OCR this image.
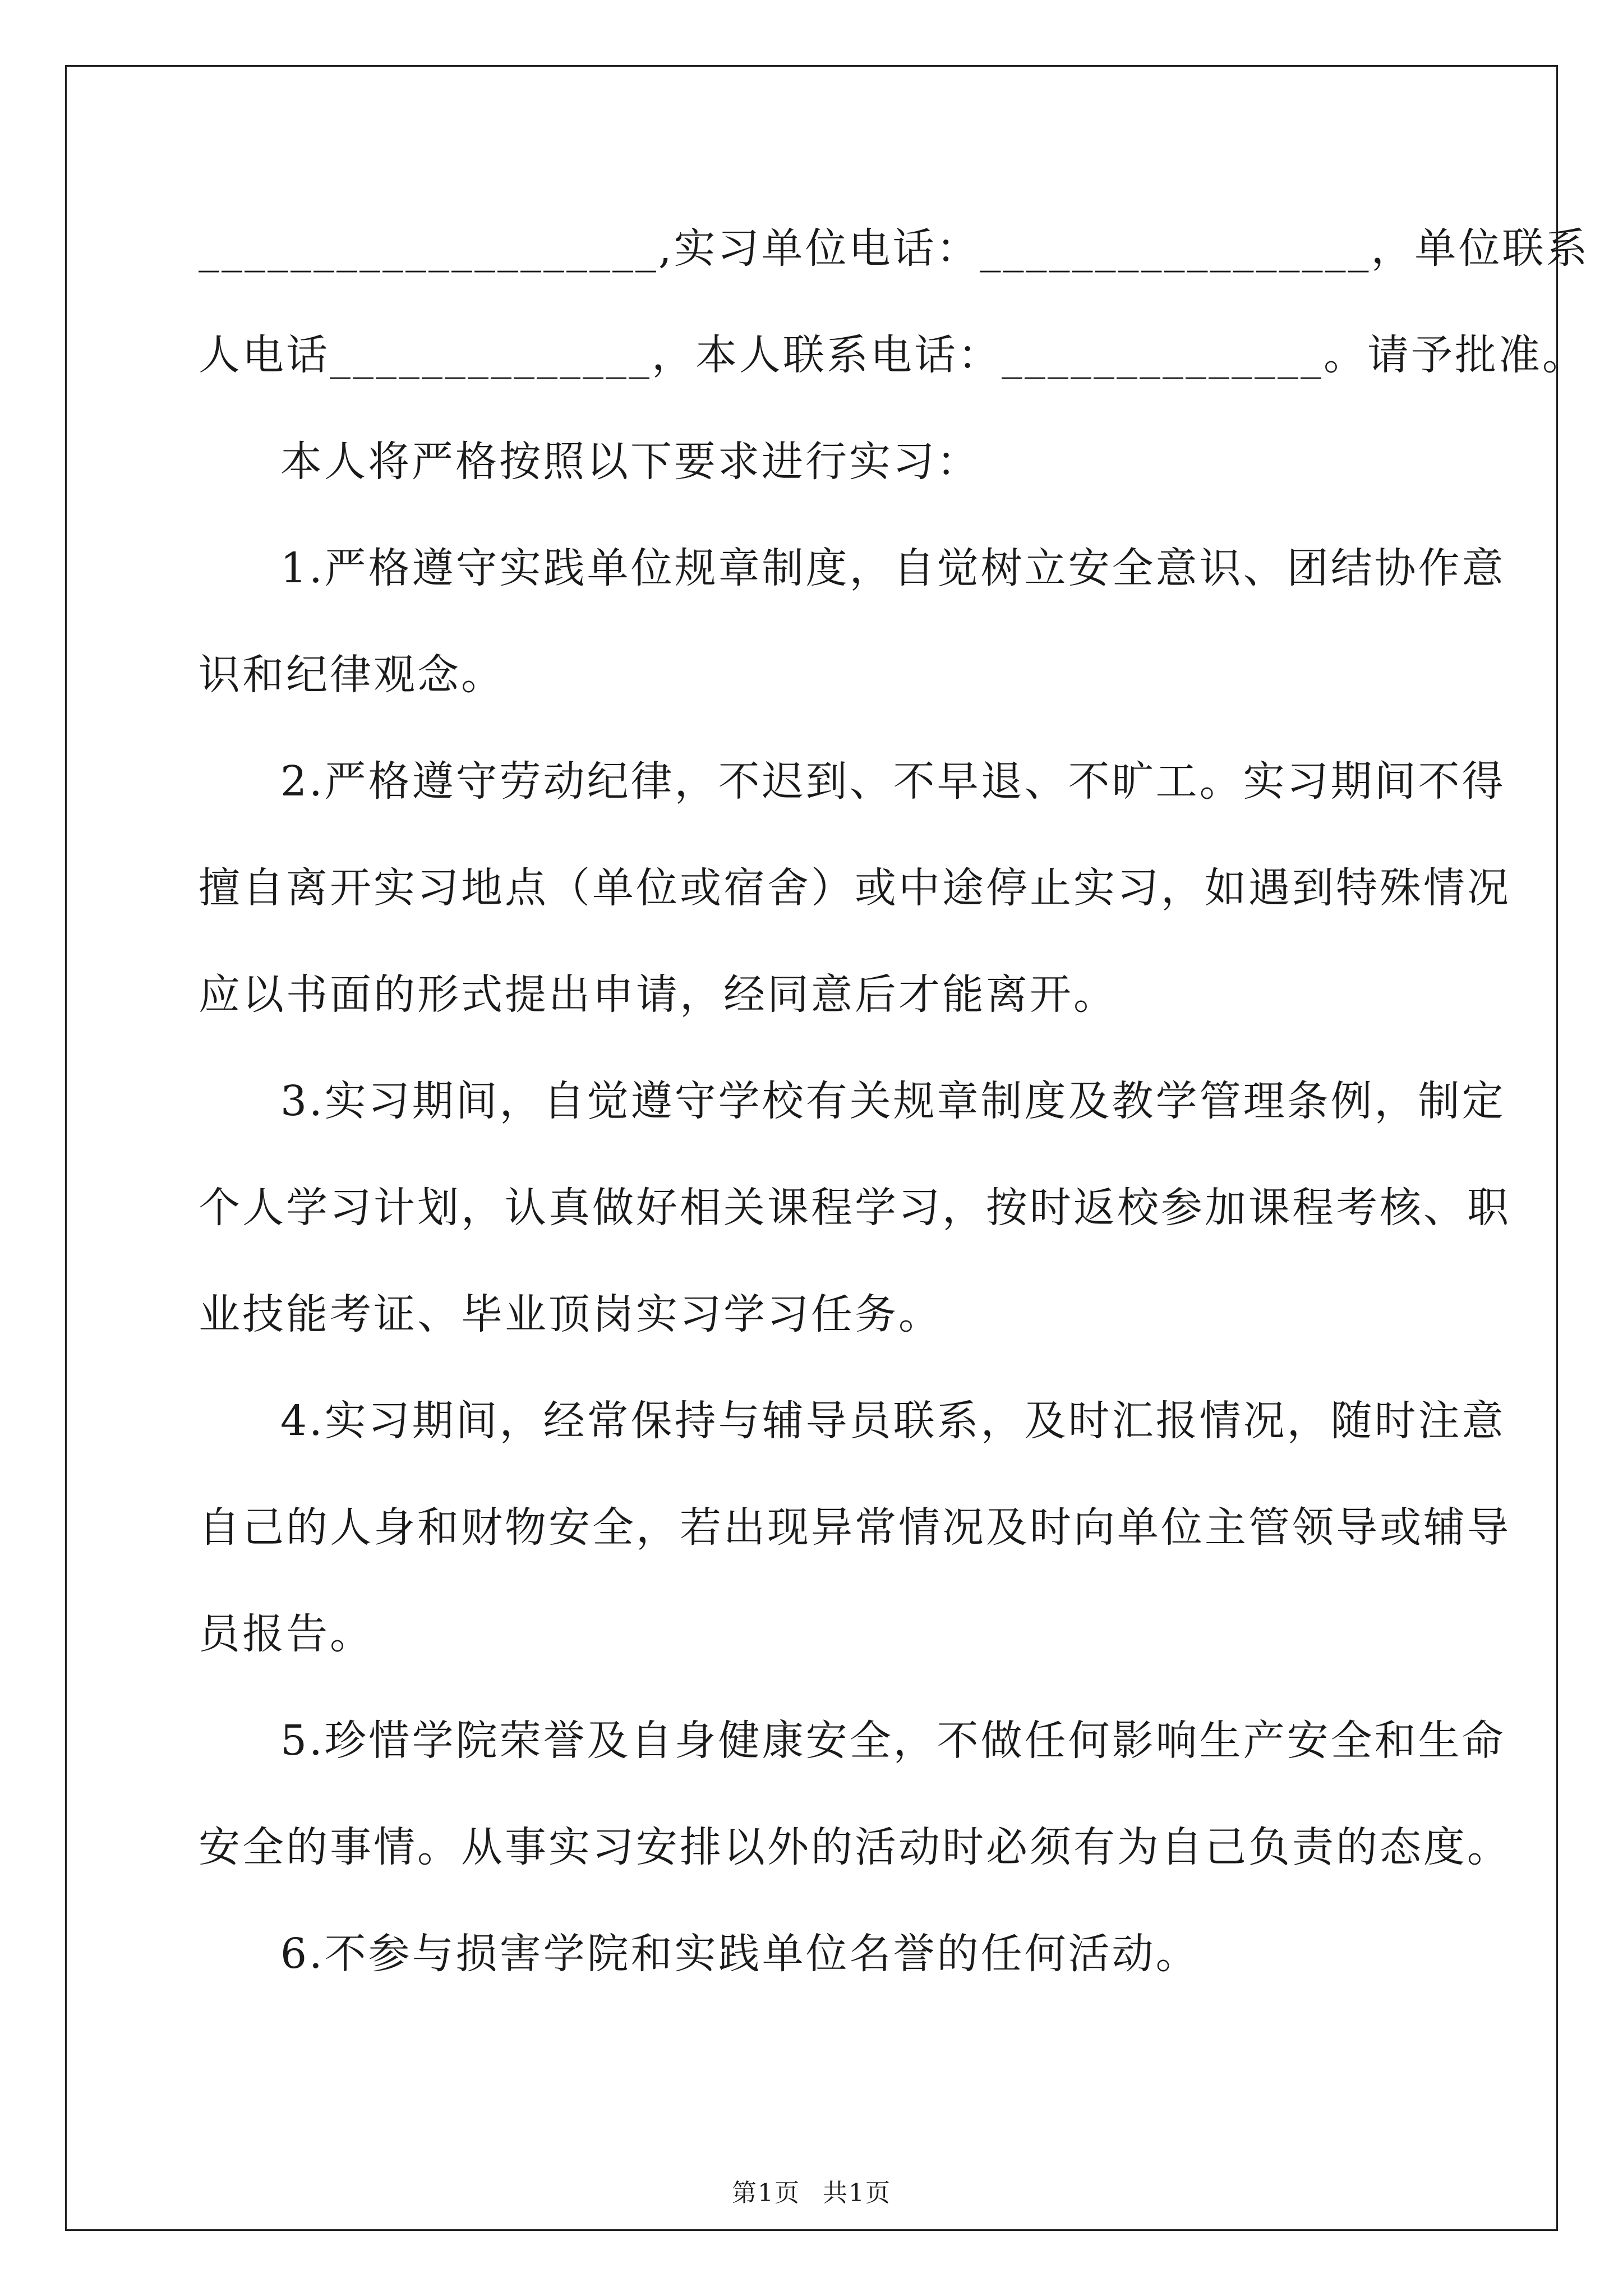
____________________,实习单位电话：_________________，单位联系
人电话______________，本人联系电话：______________。请予批准。
本人将严格按照以下要求进行实习：
1.严格遵守实践单位规章制度，自觉树立安全意识、团结协作意
识和纪律观念。
2.严格遵守劳动纪律，不迟到、不早退、不旷工。实习期间不得
擅自离开实习地点（单位或宿舍）或中途停止实习，如遇到特殊情况
应以书面的形式提出申请，经同意后才能离开。
3.实习期间，自觉遵守学校有关规章制度及教学管理条例，制定
个人学习计划，认真做好相关课程学习，按时返校参加课程考核、职
业技能考证、毕业顶岗实习学习任务。
4.实习期间，经常保持与辅导员联系，及时汇报情况，随时注意
自己的人身和财物安全，若出现异常情况及时向单位主管领导或辅导
员报告。
5.珍惜学院荣誉及自身健康安全，不做任何影响生产安全和生命
安全的事情。从事实习安排以外的活动时必须有为自己负责的态度。
6.不参与损害学院和实践单位名誉的任何活动。
第1页 共1页
